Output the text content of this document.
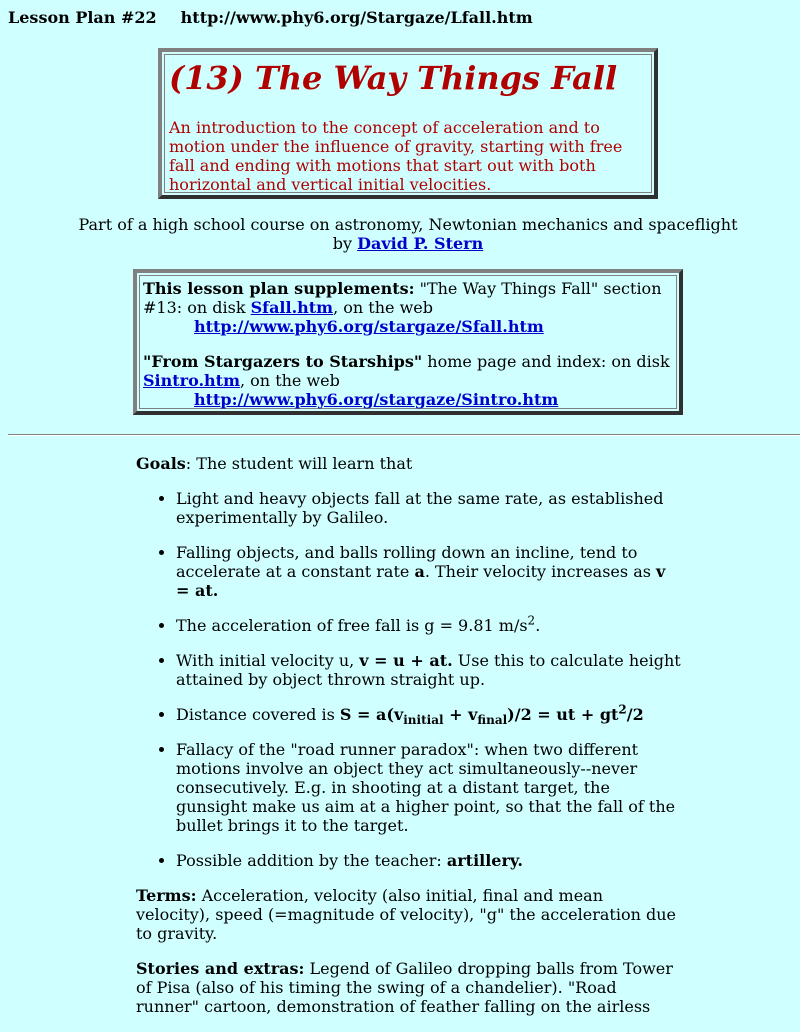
Lesson Plan #22 http://www.phy6.org/Stargaze/Lfall.htm
(13) The Way Things Fall
An introduction to the concept of acceleration and to motion under the influence of gravity, starting with free fall and ending with motions that start out with both horizontal and vertical initial velocities.
Part of a high school course on astronomy, Newtonian mechanics and spaceflight
by David P. Stern

This lesson plan supplements: "The Way Things Fall" section #13: on disk Sfall.htm, on the web

http://www.phy6.org/stargaze/Sfall.htm

"From Stargazers to Starships" home page and index: on disk Sintro.htm, on the web

http://www.phy6.org/stargaze/Sintro.htm

Goals: The student will learn that

• Light and heavy objects fall at the same rate, as established experimentally by Galileo.
• Falling objects, and balls rolling down an incline, tend to accelerate at a constant rate a. Their velocity increases as v = at.
• The acceleration of free fall is g = 9.81 $m/s^2$.
• With initial velocity u, v = u + at. Use this to calculate height attained by object thrown straight up.
• Distance covered is $S = a(v_{initial} + v_{final})/2$ = ut + $gt^2/2$
• Fallacy of the "road runner paradox": when two different motions involve an object they act simultaneously--never consecutively. E.g. in shooting at a distant target, the gunsight make us aim at a higher point, so that the fall of the bullet brings it to the target.
• Possible addition by the teacher: artillery.

Terms: Acceleration, velocity (also initial, final and mean velocity), speed (=magnitude of velocity), "g" the acceleration due to gravity.

Stories and extras: Legend of Galileo dropping balls from Tower of Pisa (also of his timing the swing of a chandelier). "Road runner" cartoon, demonstration of feather falling on the airless
